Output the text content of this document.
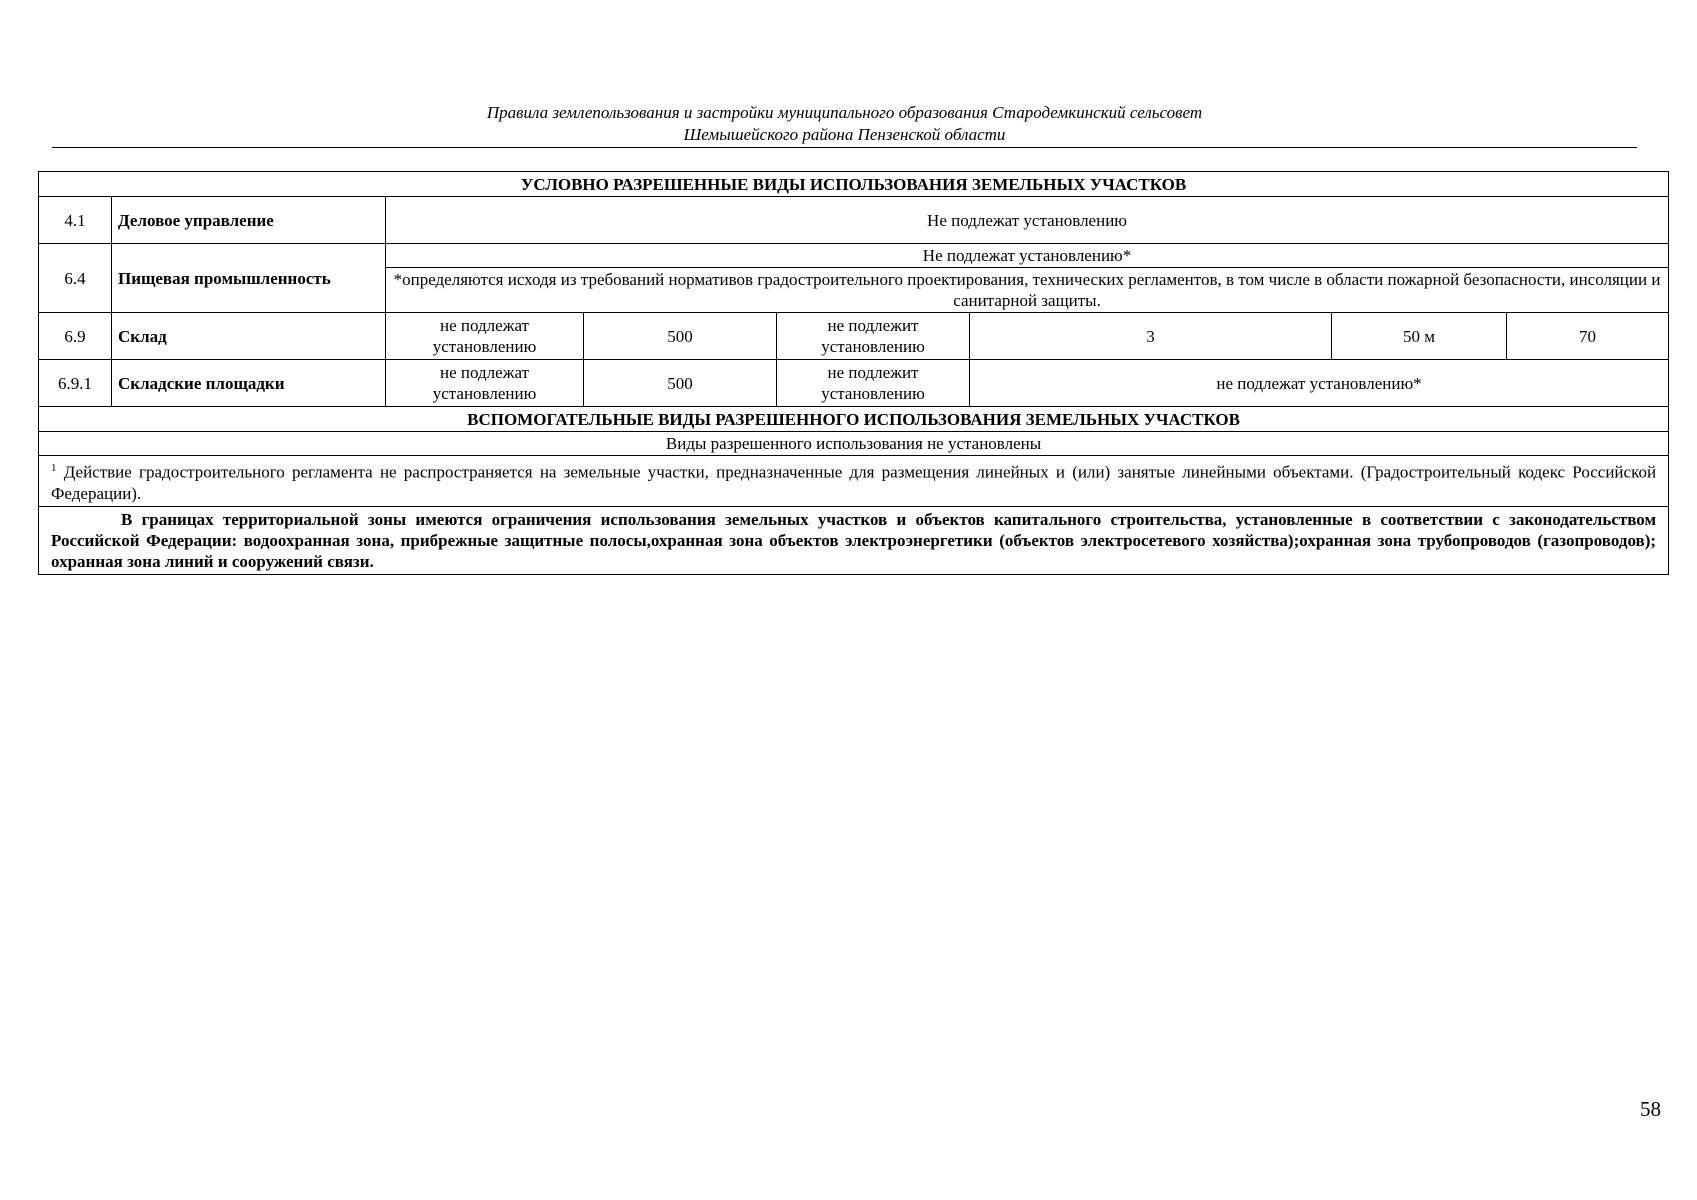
Правила землепользования и застройки муниципального образования Стародемкинский сельсовет
Шемышейского района Пензенской области
УСЛОВНО РАЗРЕШЕННЫЕ ВИДЫ ИСПОЛЬЗОВАНИЯ ЗЕМЕЛЬНЫХ УЧАСТКОВ							
4.1	Деловое управление	Не подлежат установлению					
6.4	Пищевая промышленность	Не подлежат установлению*					
		*определяются исходя из требований нормативов градостроительного проектирования, технических регламентов, в том числе в области пожарной безопасности, инсоляции и санитарной защиты.					
6.9	Склад	не подлежат установлению	500	не подлежит установлению	3	50 м	70
6.9.1	Складские площадки	не подлежат установлению	500	не подлежит установлению	не подлежат установлению*		
ВСПОМОГАТЕЛЬНЫЕ ВИДЫ РАЗРЕШЕННОГО ИСПОЛЬЗОВАНИЯ ЗЕМЕЛЬНЫХ УЧАСТКОВ							
Виды разрешенного использования не установлены							
$^1$ Действие градостроительного регламента не распространяется на земельные участки, предназначенные для размещения линейных и (или) занятые линейными объектами. (Градостроительный кодекс Российской Федерации).							
В границах территориальной зоны имеются ограничения использования земельных участков и объектов капитального строительства, установленные в соответствии с законодательством Российской Федерации: водоохранная зона, прибрежные защитные полосы,охранная зона объектов электроэнергетики (объектов электросетевого хозяйства);охранная зона трубопроводов (газопроводов); охранная зона линий и сооружений связи.							
58
